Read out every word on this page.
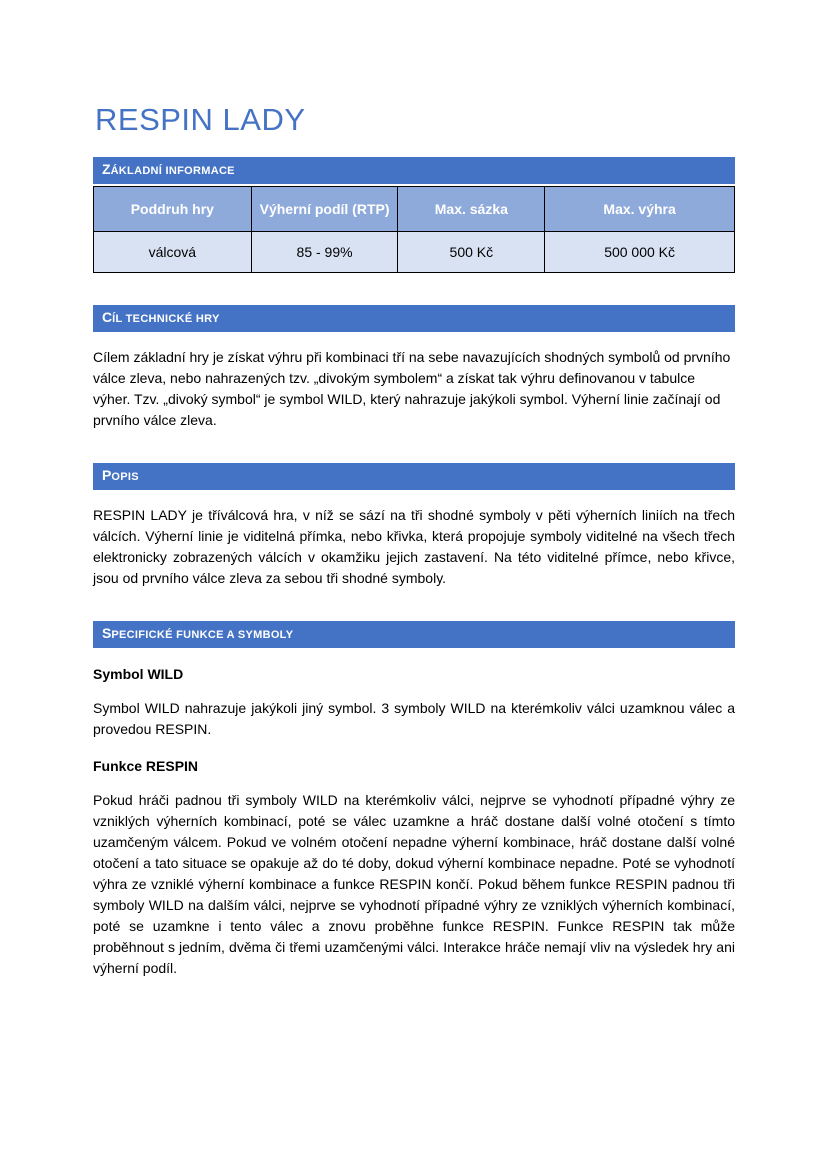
RESPIN LADY
ZÁKLADNÍ INFORMACE
Poddruh hry	Výherní podíl (RTP)	Max. sázka	Max. výhra
válcová	85 - 99%	500 Kč	500 000 Kč
CÍL TECHNICKÉ HRY

Cílem základní hry je získat výhru při kombinaci tří na sebe navazujících shodných symbolů od prvního válce zleva, nebo nahrazených tzv. „divokým symbolem“ a získat tak výhru definovanou v tabulce výher. Tzv. „divoký symbol“ je symbol WILD, který nahrazuje jakýkoli symbol. Výherní linie začínají od prvního válce zleva.

POPIS

RESPIN LADY je tříválcová hra, v níž se sází na tři shodné symboly v pěti výherních liniích na třech válcích. Výherní linie je viditelná přímka, nebo křivka, která propojuje symboly viditelné na všech třech elektronicky zobrazených válcích v okamžiku jejich zastavení. Na této viditelné přímce, nebo křivce, jsou od prvního válce zleva za sebou tři shodné symboly.

SPECIFICKÉ FUNKCE A SYMBOLY
Symbol WILD

Symbol WILD nahrazuje jakýkoli jiný symbol. 3 symboly WILD na kterémkoliv válci uzamknou válec a provedou RESPIN.

Funkce RESPIN

Pokud hráči padnou tři symboly WILD na kterémkoliv válci, nejprve se vyhodnotí případné výhry ze vzniklých výherních kombinací, poté se válec uzamkne a hráč dostane další volné otočení s tímto uzamčeným válcem. Pokud ve volném otočení nepadne výherní kombinace, hráč dostane další volné otočení a tato situace se opakuje až do té doby, dokud výherní kombinace nepadne. Poté se vyhodnotí výhra ze vzniklé výherní kombinace a funkce RESPIN končí. Pokud během funkce RESPIN padnou tři symboly WILD na dalším válci, nejprve se vyhodnotí případné výhry ze vzniklých výherních kombinací, poté se uzamkne i tento válec a znovu proběhne funkce RESPIN. Funkce RESPIN tak může proběhnout s jedním, dvěma či třemi uzamčenými válci. Interakce hráče nemají vliv na výsledek hry ani výherní podíl.
